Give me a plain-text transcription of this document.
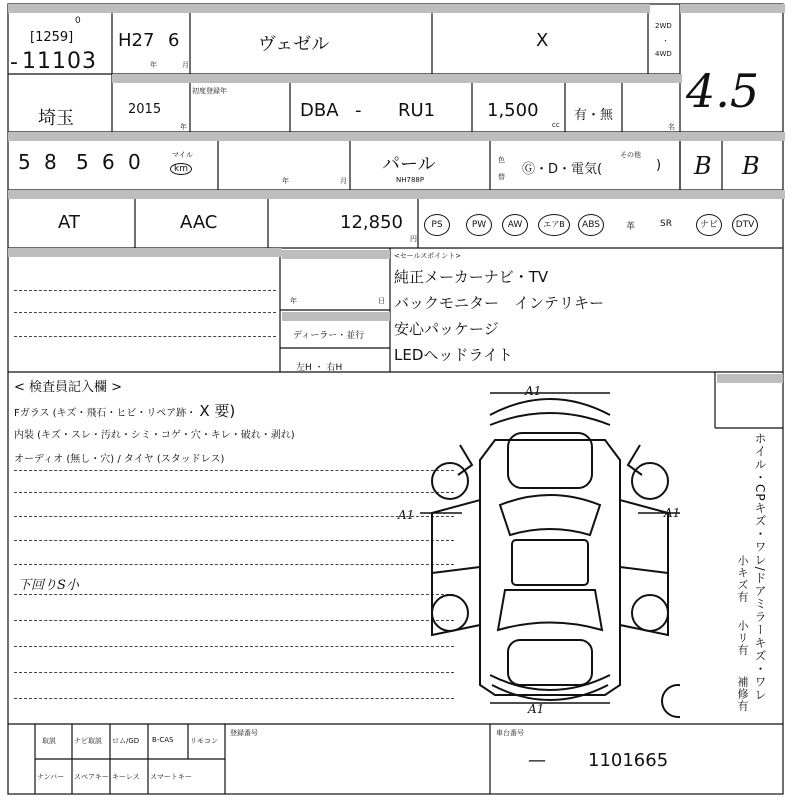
0
[1259]
- 11103
H27 6
年	月
ヴェゼル	X
2WD
・
4WD
4.5
埼玉
初度登録年
2015
年
DBA - RU1	1,500
cc
有・無
名
5 8 5 6 0	マイル
km
年	月
パール
NH788P
色
替 Ⓖ・D・電気(
その他
) B B
AT	AAC	12,850
円
PS	PW	AW	エアB	ABS	革	SR	ナビ	DTV
年	日
ディーラー・並行
左H ・ 右H
<セールスポイント>
純正メーカーナビ・TV
バックモニター　インテリキー
安心パッケージ
LEDヘッドライト
< 検査員記入欄 >
Fガラス (キズ・飛石・ヒビ・リペア跡・ X 要)
内装 (キズ・スレ・汚れ・シミ・コゲ・穴・キレ・破れ・剥れ)
オーディオ (無し・穴) / タイヤ (スタッドレス)
下回りS小
A1
A1	A1
A1
ホイル・CPキズ・ワレ/ドアミラーキズ・ワレ
小キズ有
小リ有
補修有
取説	ナビ取説 ロム/GD B-CAS リモコン
ナンバー スペアキー キーレス スマートキー
登録番号	車台番号
— 1101665
